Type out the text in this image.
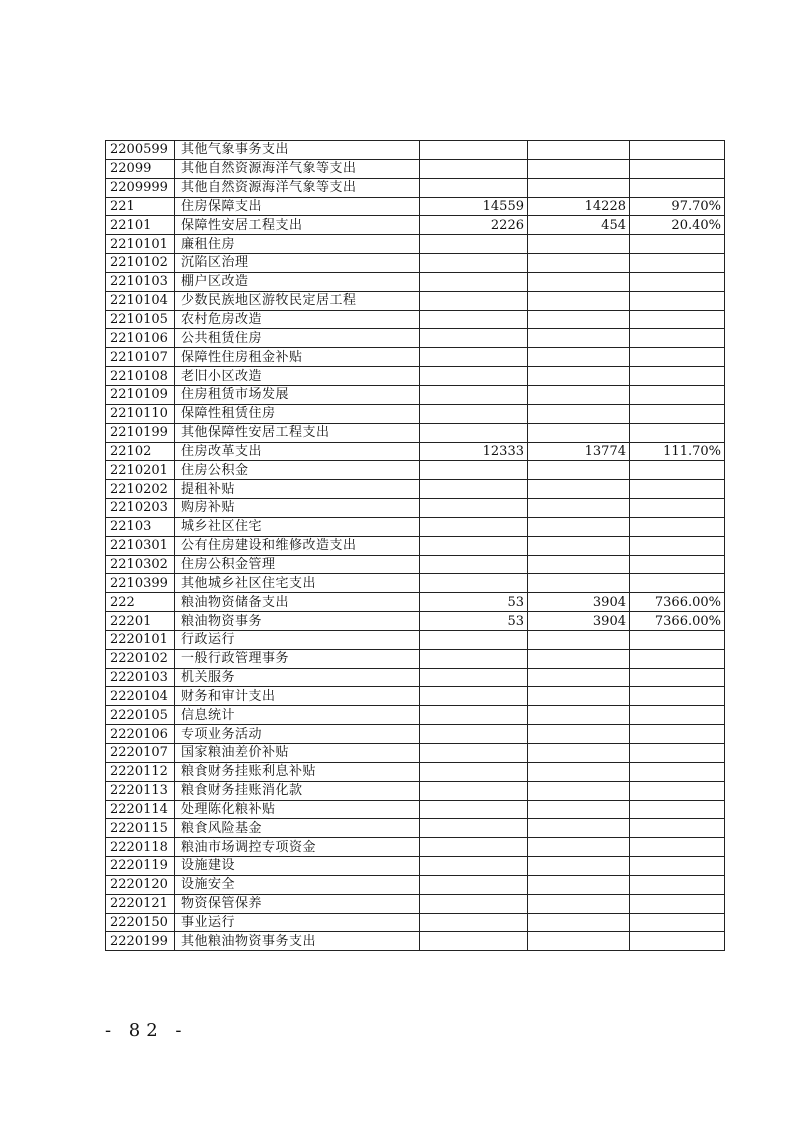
2200599	其他气象事务支出			
22099	其他自然资源海洋气象等支出			
2209999	其他自然资源海洋气象等支出			
221	住房保障支出	14559	14228	97.70%
22101	保障性安居工程支出	2226	454	20.40%
2210101	廉租住房			
2210102	沉陷区治理			
2210103	棚户区改造			
2210104	少数民族地区游牧民定居工程			
2210105	农村危房改造			
2210106	公共租赁住房			
2210107	保障性住房租金补贴			
2210108	老旧小区改造			
2210109	住房租赁市场发展			
2210110	保障性租赁住房			
2210199	其他保障性安居工程支出			
22102	住房改革支出	12333	13774	111.70%
2210201	住房公积金			
2210202	提租补贴			
2210203	购房补贴			
22103	城乡社区住宅			
2210301	公有住房建设和维修改造支出			
2210302	住房公积金管理			
2210399	其他城乡社区住宅支出			
222	粮油物资储备支出	53	3904	7366.00%
22201	粮油物资事务	53	3904	7366.00%
2220101	行政运行			
2220102	一般行政管理事务			
2220103	机关服务			
2220104	财务和审计支出			
2220105	信息统计			
2220106	专项业务活动			
2220107	国家粮油差价补贴			
2220112	粮食财务挂账利息补贴			
2220113	粮食财务挂账消化款			
2220114	处理陈化粮补贴			
2220115	粮食风险基金			
2220118	粮油市场调控专项资金			
2220119	设施建设			
2220120	设施安全			
2220121	物资保管保养			
2220150	事业运行			
2220199	其他粮油物资事务支出			
- 82 -
